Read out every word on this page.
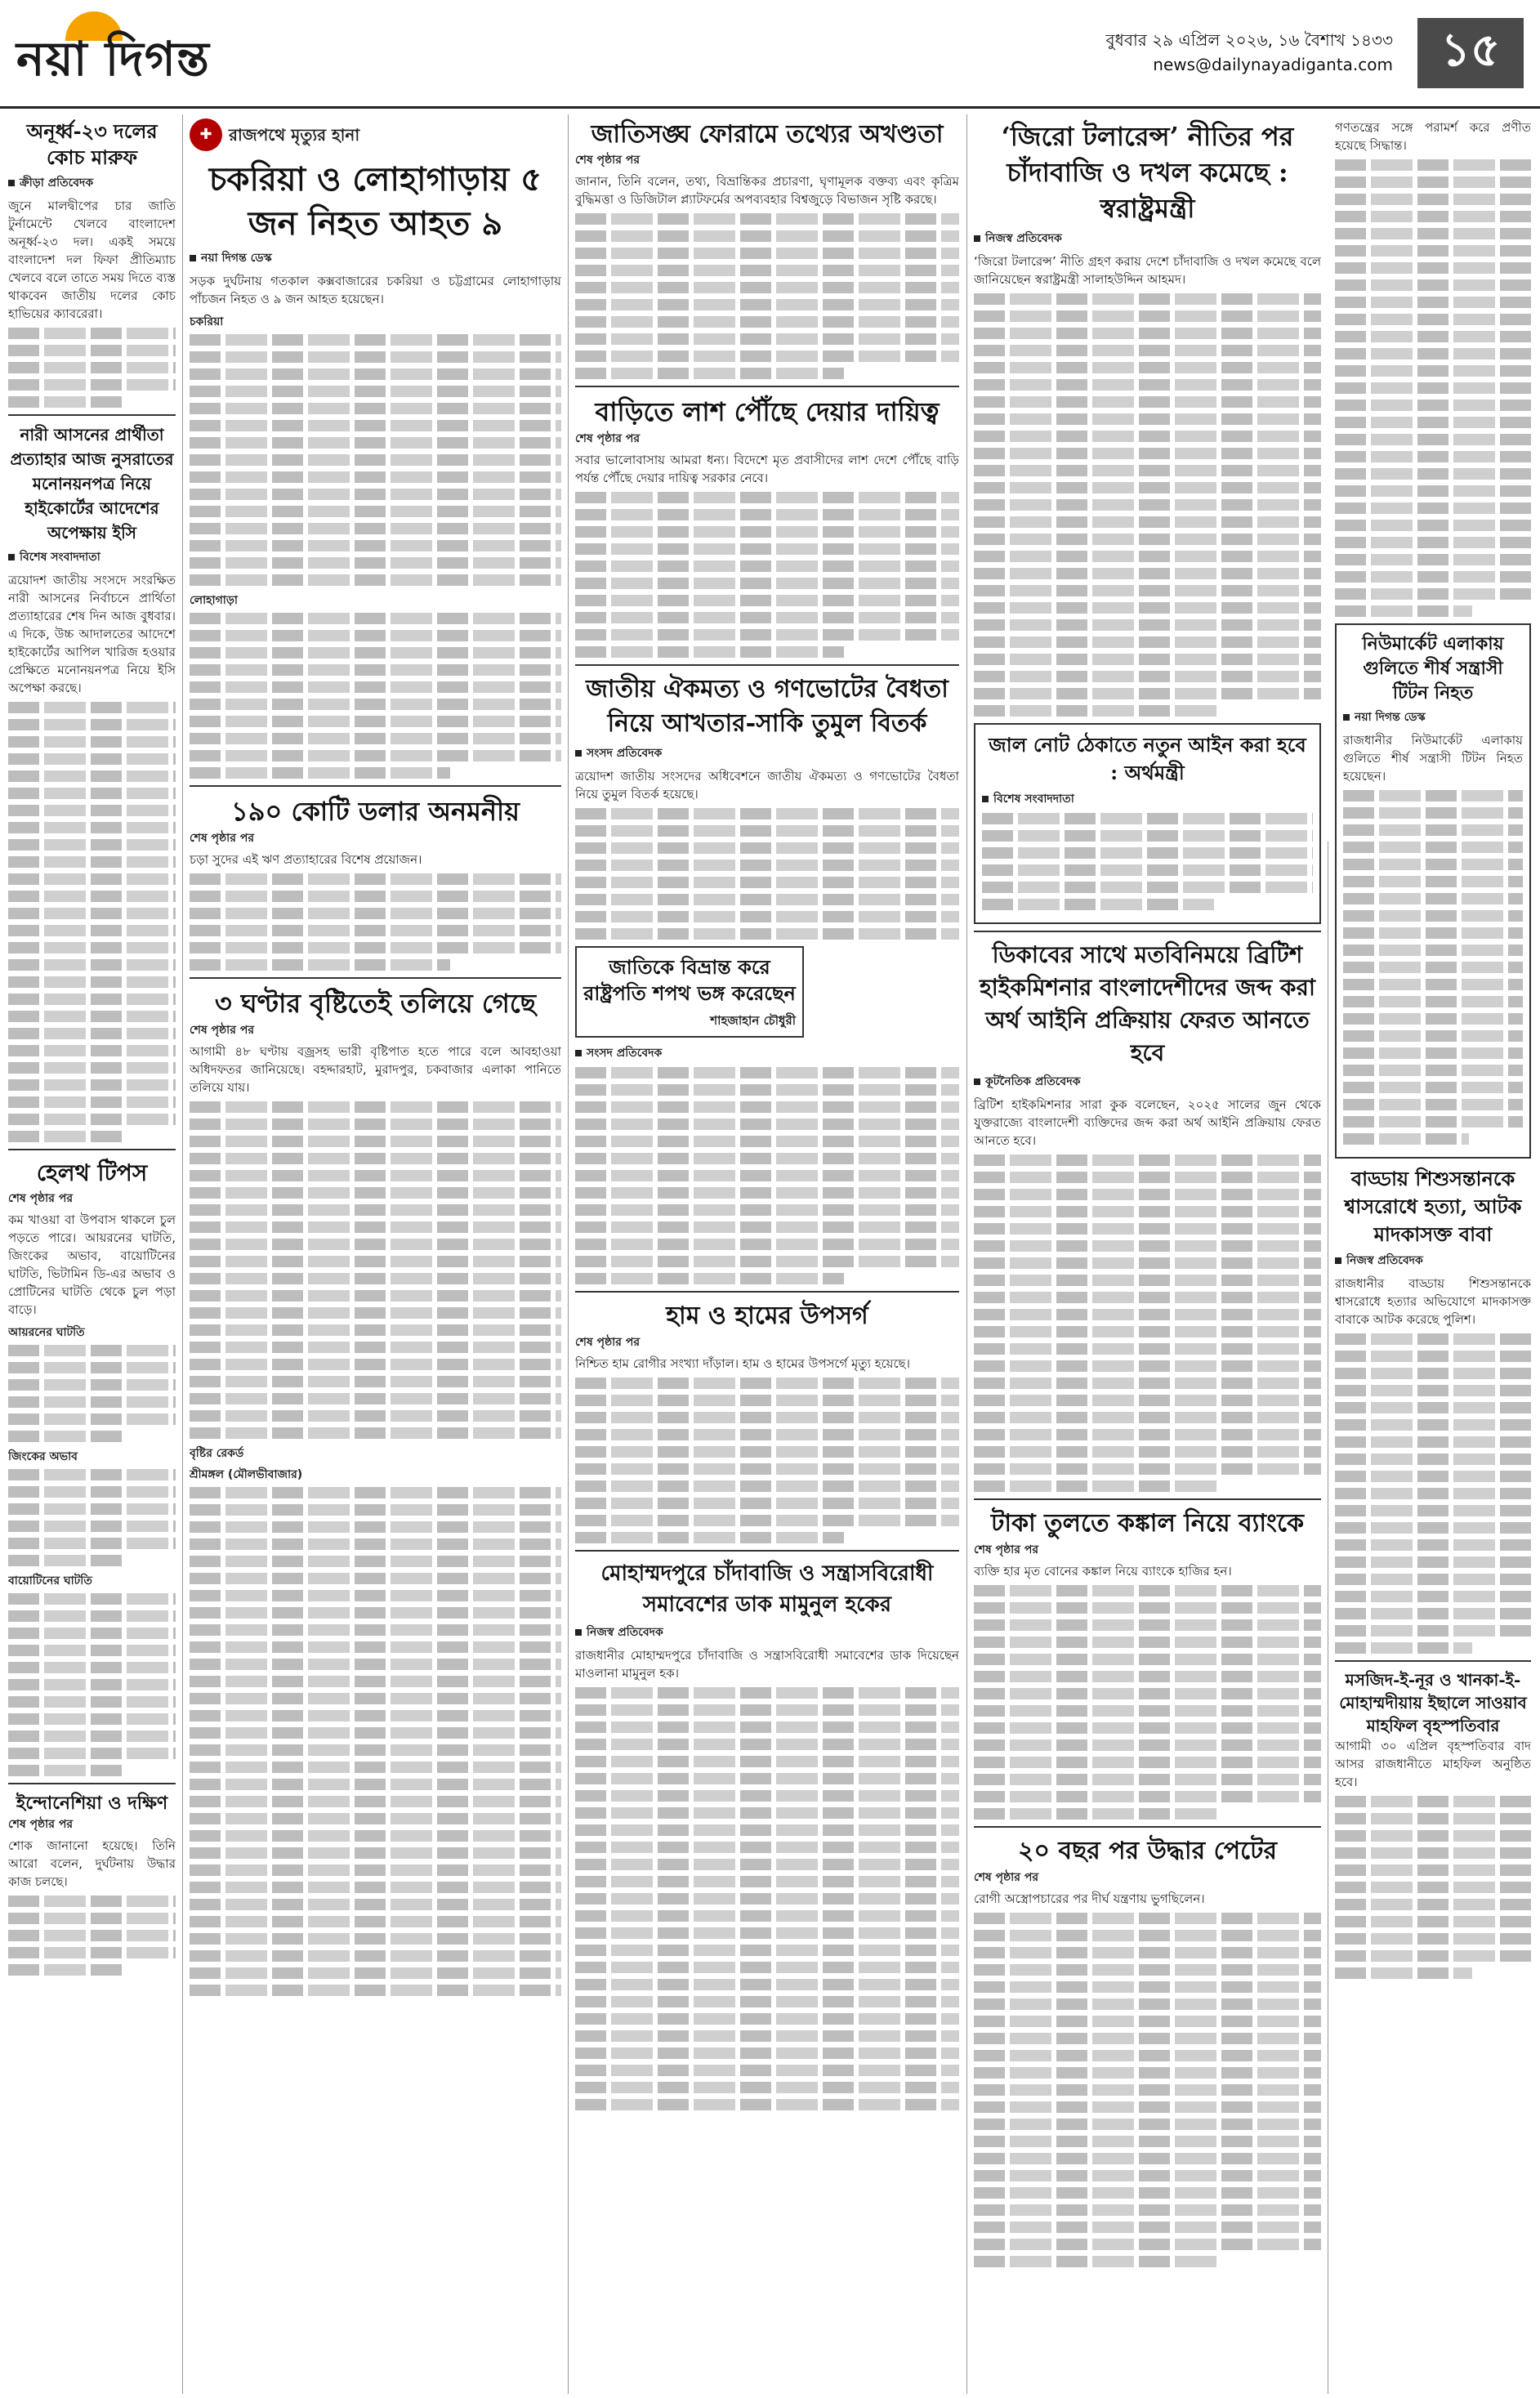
নয়া দিগন্ত	বুধবার ২৯ এপ্রিল ২০২৬, ১৬ বৈশাখ ১৪৩৩
news@dailynayadiganta.com	১৫
অনূর্ধ্ব-২৩ দলের কোচ মারুফ
ক্রীড়া প্রতিবেদক

জুনে মালদ্বীপের চার জাতি টুর্নামেন্টে খেলবে বাংলাদেশ অনূর্ধ্ব-২৩ দল। একই সময়ে বাংলাদেশ দল ফিফা প্রীতিম্যাচ খেলবে বলে তাতে সময় দিতে ব্যস্ত থাকবেন জাতীয় দলের কোচ হাভিয়ের ক্যাবরেরা।

নারী আসনের প্রার্থীতা প্রত্যাহার আজ নুসরাতের মনোনয়নপত্র নিয়ে হাইকোর্টের আদেশের অপেক্ষায় ইসি
বিশেষ সংবাদদাতা

ত্রয়োদশ জাতীয় সংসদে সংরক্ষিত নারী আসনের নির্বাচনে প্রার্থিতা প্রত্যাহারের শেষ দিন আজ বুধবার। এ দিকে, উচ্চ আদালতের আদেশে হাইকোর্টের আপিল খারিজ হওয়ার প্রেক্ষিতে মনোনয়নপত্র নিয়ে ইসি অপেক্ষা করছে।

হেলথ টিপস
শেষ পৃষ্ঠার পর

কম খাওয়া বা উপবাস থাকলে চুল পড়তে পারে। আয়রনের ঘাটতি, জিংকের অভাব, বায়োটিনের ঘাটতি, ভিটামিন ডি-এর অভাব ও প্রোটিনের ঘাটতি থেকে চুল পড়া বাড়ে।

আয়রনের ঘাটতি
জিংকের অভাব
বায়োটিনের ঘাটতি
ইন্দোনেশিয়া ও দক্ষিণ
শেষ পৃষ্ঠার পর

শোক জানানো হয়েছে। তিনি আরো বলেন, দুর্ঘটনায় উদ্ধার কাজ চলছে।

✚	রাজপথে মৃত্যুর হানা
চকরিয়া ও লোহাগাড়ায় ৫ জন নিহত আহত ৯
নয়া দিগন্ত ডেস্ক

সড়ক দুর্ঘটনায় গতকাল কক্সবাজারের চকরিয়া ও চট্টগ্রামের লোহাগাড়ায় পাঁচজন নিহত ও ৯ জন আহত হয়েছেন।

চকরিয়া
লোহাগাড়া
১৯০ কোটি ডলার অনমনীয়
শেষ পৃষ্ঠার পর

চড়া সুদের এই ঋণ প্রত্যাহারের বিশেষ প্রয়োজন।

৩ ঘণ্টার বৃষ্টিতেই তলিয়ে গেছে
শেষ পৃষ্ঠার পর

আগামী ৪৮ ঘণ্টায় বজ্রসহ ভারী বৃষ্টিপাত হতে পারে বলে আবহাওয়া অধিদফতর জানিয়েছে। বহদ্দারহাট, মুরাদপুর, চকবাজার এলাকা পানিতে তলিয়ে যায়।

বৃষ্টির রেকর্ড
শ্রীমঙ্গল (মৌলভীবাজার)
জাতিসঙ্ঘ ফোরামে তথ্যের অখণ্ডতা
শেষ পৃষ্ঠার পর

জানান, তিনি বলেন, তথ্য, বিভ্রান্তিকর প্রচারণা, ঘৃণামূলক বক্তব্য এবং কৃত্রিম বুদ্ধিমত্তা ও ডিজিটাল প্ল্যাটফর্মের অপব্যবহার বিশ্বজুড়ে বিভাজন সৃষ্টি করছে।

বাড়িতে লাশ পৌঁছে দেয়ার দায়িত্ব
শেষ পৃষ্ঠার পর

সবার ভালোবাসায় আমরা ধন্য। বিদেশে মৃত প্রবাসীদের লাশ দেশে পৌঁছে বাড়ি পর্যন্ত পৌঁছে দেয়ার দায়িত্ব সরকার নেবে।

জাতীয় ঐকমত্য ও গণভোটের বৈধতা নিয়ে আখতার-সাকি তুমুল বিতর্ক
সংসদ প্রতিবেদক

ত্রয়োদশ জাতীয় সংসদের অধিবেশনে জাতীয় ঐকমত্য ও গণভোটের বৈধতা নিয়ে তুমুল বিতর্ক হয়েছে।

জাতিকে বিভ্রান্ত করে রাষ্ট্রপতি শপথ ভঙ্গ করেছেন
শাহজাহান চৌধুরী
সংসদ প্রতিবেদক
হাম ও হামের উপসর্গ
শেষ পৃষ্ঠার পর

নিশ্চিত হাম রোগীর সংখ্যা দাঁড়াল। হাম ও হামের উপসর্গে মৃত্যু হয়েছে।

মোহাম্মদপুরে চাঁদাবাজি ও সন্ত্রাসবিরোধী সমাবেশের ডাক মামুনুল হকের
নিজস্ব প্রতিবেদক

রাজধানীর মোহাম্মদপুরে চাঁদাবাজি ও সন্ত্রাসবিরোধী সমাবেশের ডাক দিয়েছেন মাওলানা মামুনুল হক।

‘জিরো টলারেন্স’ নীতির পর চাঁদাবাজি ও দখল কমেছে : স্বরাষ্ট্রমন্ত্রী
নিজস্ব প্রতিবেদক

‘জিরো টলারেন্স’ নীতি গ্রহণ করায় দেশে চাঁদাবাজি ও দখল কমেছে বলে জানিয়েছেন স্বরাষ্ট্রমন্ত্রী সালাহউদ্দিন আহমদ।

জাল নোট ঠেকাতে নতুন আইন করা হবে : অর্থমন্ত্রী
বিশেষ সংবাদদাতা
ডিকাবের সাথে মতবিনিময়ে ব্রিটিশ হাইকমিশনার বাংলাদেশীদের জব্দ করা অর্থ আইনি প্রক্রিয়ায় ফেরত আনতে হবে
কূটনৈতিক প্রতিবেদক

ব্রিটিশ হাইকমিশনার সারা কুক বলেছেন, ২০২৫ সালের জুন থেকে যুক্তরাজ্যে বাংলাদেশী ব্যক্তিদের জব্দ করা অর্থ আইনি প্রক্রিয়ায় ফেরত আনতে হবে।

টাকা তুলতে কঙ্কাল নিয়ে ব্যাংকে
শেষ পৃষ্ঠার পর

ব্যক্তি হার মৃত বোনের কঙ্কাল নিয়ে ব্যাংকে হাজির হন।

২০ বছর পর উদ্ধার পেটের
শেষ পৃষ্ঠার পর

রোগী অস্ত্রোপচারের পর দীর্ঘ যন্ত্রণায় ভুগছিলেন।

গণতন্ত্রের সঙ্গে পরামর্শ করে প্রণীত হয়েছে সিদ্ধান্ত।

নিউমার্কেট এলাকায় গুলিতে শীর্ষ সন্ত্রাসী টিটন নিহত
নয়া দিগন্ত ডেস্ক

রাজধানীর নিউমার্কেট এলাকায় গুলিতে শীর্ষ সন্ত্রাসী টিটন নিহত হয়েছেন।

বাড্ডায় শিশুসন্তানকে শ্বাসরোধে হত্যা, আটক মাদকাসক্ত বাবা
নিজস্ব প্রতিবেদক

রাজধানীর বাড্ডায় শিশুসন্তানকে শ্বাসরোধে হত্যার অভিযোগে মাদকাসক্ত বাবাকে আটক করেছে পুলিশ।

মসজিদ-ই-নূর ও খানকা-ই-মোহাম্মদীয়ায় ইছালে সাওয়াব মাহফিল বৃহস্পতিবার

আগামী ৩০ এপ্রিল বৃহস্পতিবার বাদ আসর রাজধানীতে মাহফিল অনুষ্ঠিত হবে।
